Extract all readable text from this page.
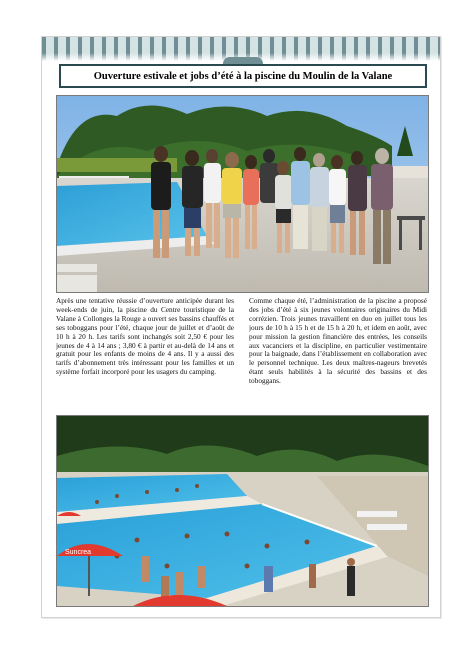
Ouverture estivale et jobs d’été à la piscine du Moulin de la Valane
Après une tentative réussie d’ouverture anticipée durant les week-ends de juin, la piscine du Centre touristique de la Valane à Collonges la Rouge a ouvert ses bassins chauffés et ses toboggans pour l’été, chaque jour de juillet et d’août de 10 h à 20 h. Les tarifs sont inchangés soit 2,50 € pour les jeunes de 4 à 14 ans ; 3,80 € à partir et au-delà de 14 ans et gratuit pour les enfants de moins de 4 ans. Il y a aussi des tarifs d’abonnement très intéressant pour les familles et un système forfait incorporé pour les usagers du camping.
Comme chaque été, l’administration de la piscine a proposé des jobs d’été à six jeunes volontaires originaires du Midi corrézien. Trois jeunes travaillent en duo en juillet tous les jours de 10 h à 15 h et de 15 h à 20 h, et idem en août, avec pour mission la gestion financière des entrées, les conseils aux vacanciers et la discipline, en particulier vestimentaire pour la baignade, dans l’établissement en collaboration avec le personnel technique. Les deux maîtres-nageurs brevetés étant seuls habilités à la sécurité des bassins et des toboggans.
Suncrea
